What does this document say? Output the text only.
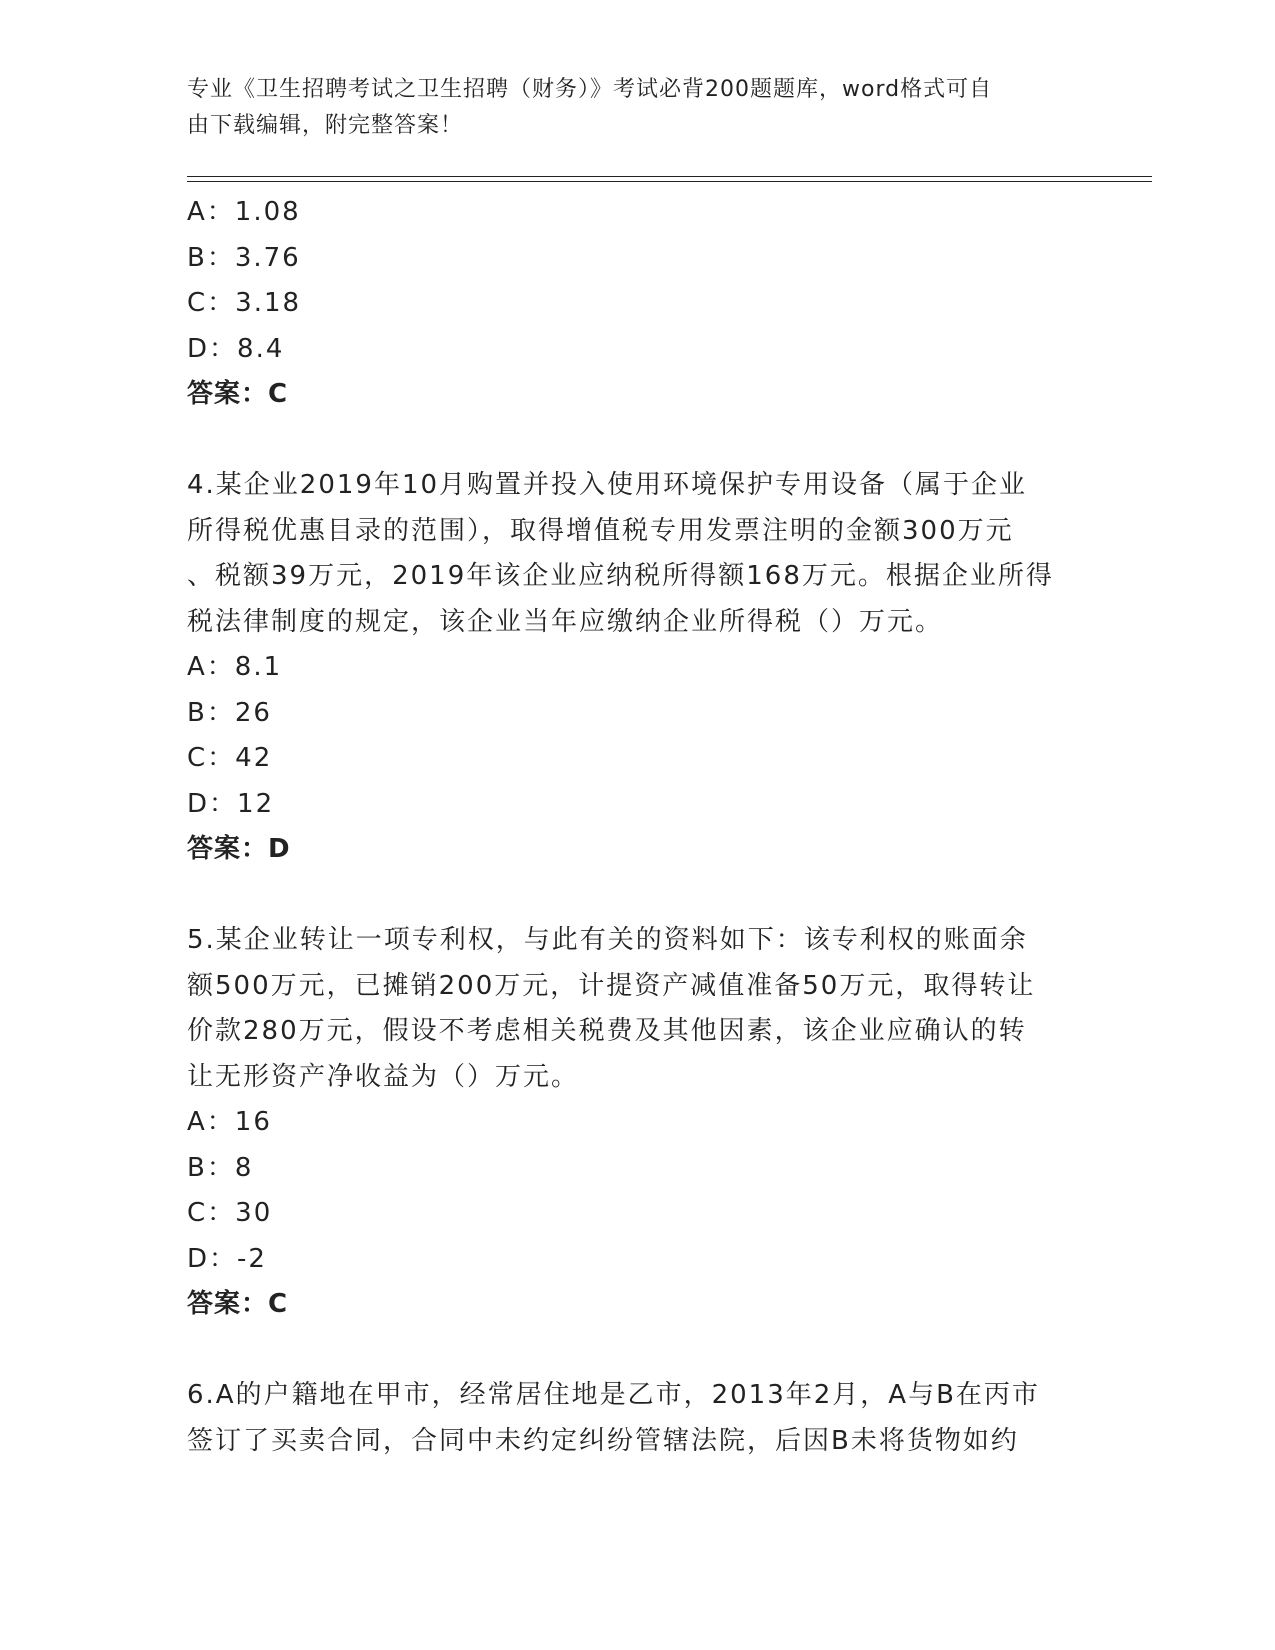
专业《卫生招聘考试之卫生招聘（财务）》考试必背200题题库，word格式可自
由下载编辑，附完整答案！
A：1.08
B：3.76
C：3.18
D：8.4
答案：C
4.某企业2019年10月购置并投入使用环境保护专用设备（属于企业
所得税优惠目录的范围），取得增值税专用发票注明的金额300万元
、税额39万元，2019年该企业应纳税所得额168万元。根据企业所得
税法律制度的规定，该企业当年应缴纳企业所得税（）万元。
A：8.1
B：26
C：42
D：12
答案：D
5.某企业转让一项专利权，与此有关的资料如下：该专利权的账面余
额500万元，已摊销200万元，计提资产减值准备50万元，取得转让
价款280万元，假设不考虑相关税费及其他因素，该企业应确认的转
让无形资产净收益为（）万元。
A：16
B：8
C：30
D：-2
答案：C
6.A的户籍地在甲市，经常居住地是乙市，2013年2月，A与B在丙市
签订了买卖合同，合同中未约定纠纷管辖法院，后因B未将货物如约
